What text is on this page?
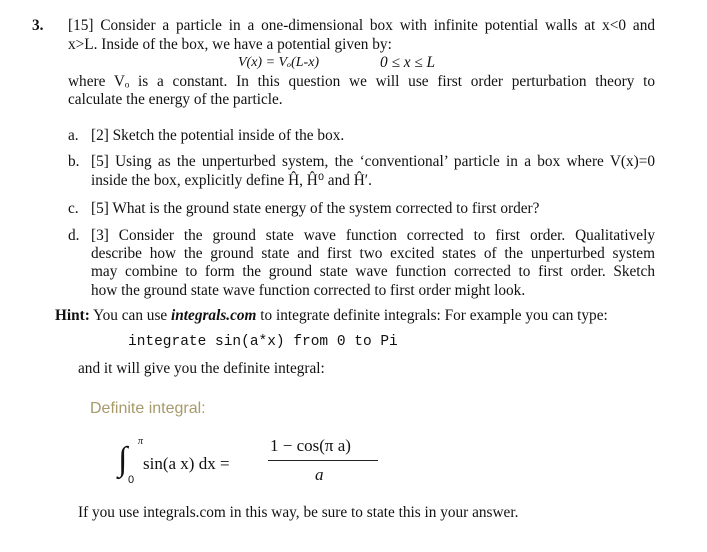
3. [15] Consider a particle in a one-dimensional box with infinite potential walls at x<0 and
x>L. Inside of the box, we have a potential given by:
V(x) = Vₒ(L-x)	0 ≤ x ≤ L
where Vₒ is a constant. In this question we will use first order perturbation theory to
calculate the energy of the particle.
a. [2] Sketch the potential inside of the box.
b. [5] Using as the unperturbed system, the ‘conventional’ particle in a box where V(x)=0
inside the box, explicitly define Ĥ, Ĥ⁰ and Ĥ′.
c. [5] What is the ground state energy of the system corrected to first order?
d. [3] Consider the ground state wave function corrected to first order. Qualitatively
describe how the ground state and first two excited states of the unperturbed system
may combine to form the ground state wave function corrected to first order. Sketch
how the ground state wave function corrected to first order might look.
Hint: You can use integrals.com to integrate definite integrals: For example you can type:
integrate sin(a*x) from 0 to Pi
and it will give you the definite integral:
Definite integral:
∫ π
0
sin(a x) dx =
1 − cos(π a)
a
If you use integrals.com in this way, be sure to state this in your answer.
